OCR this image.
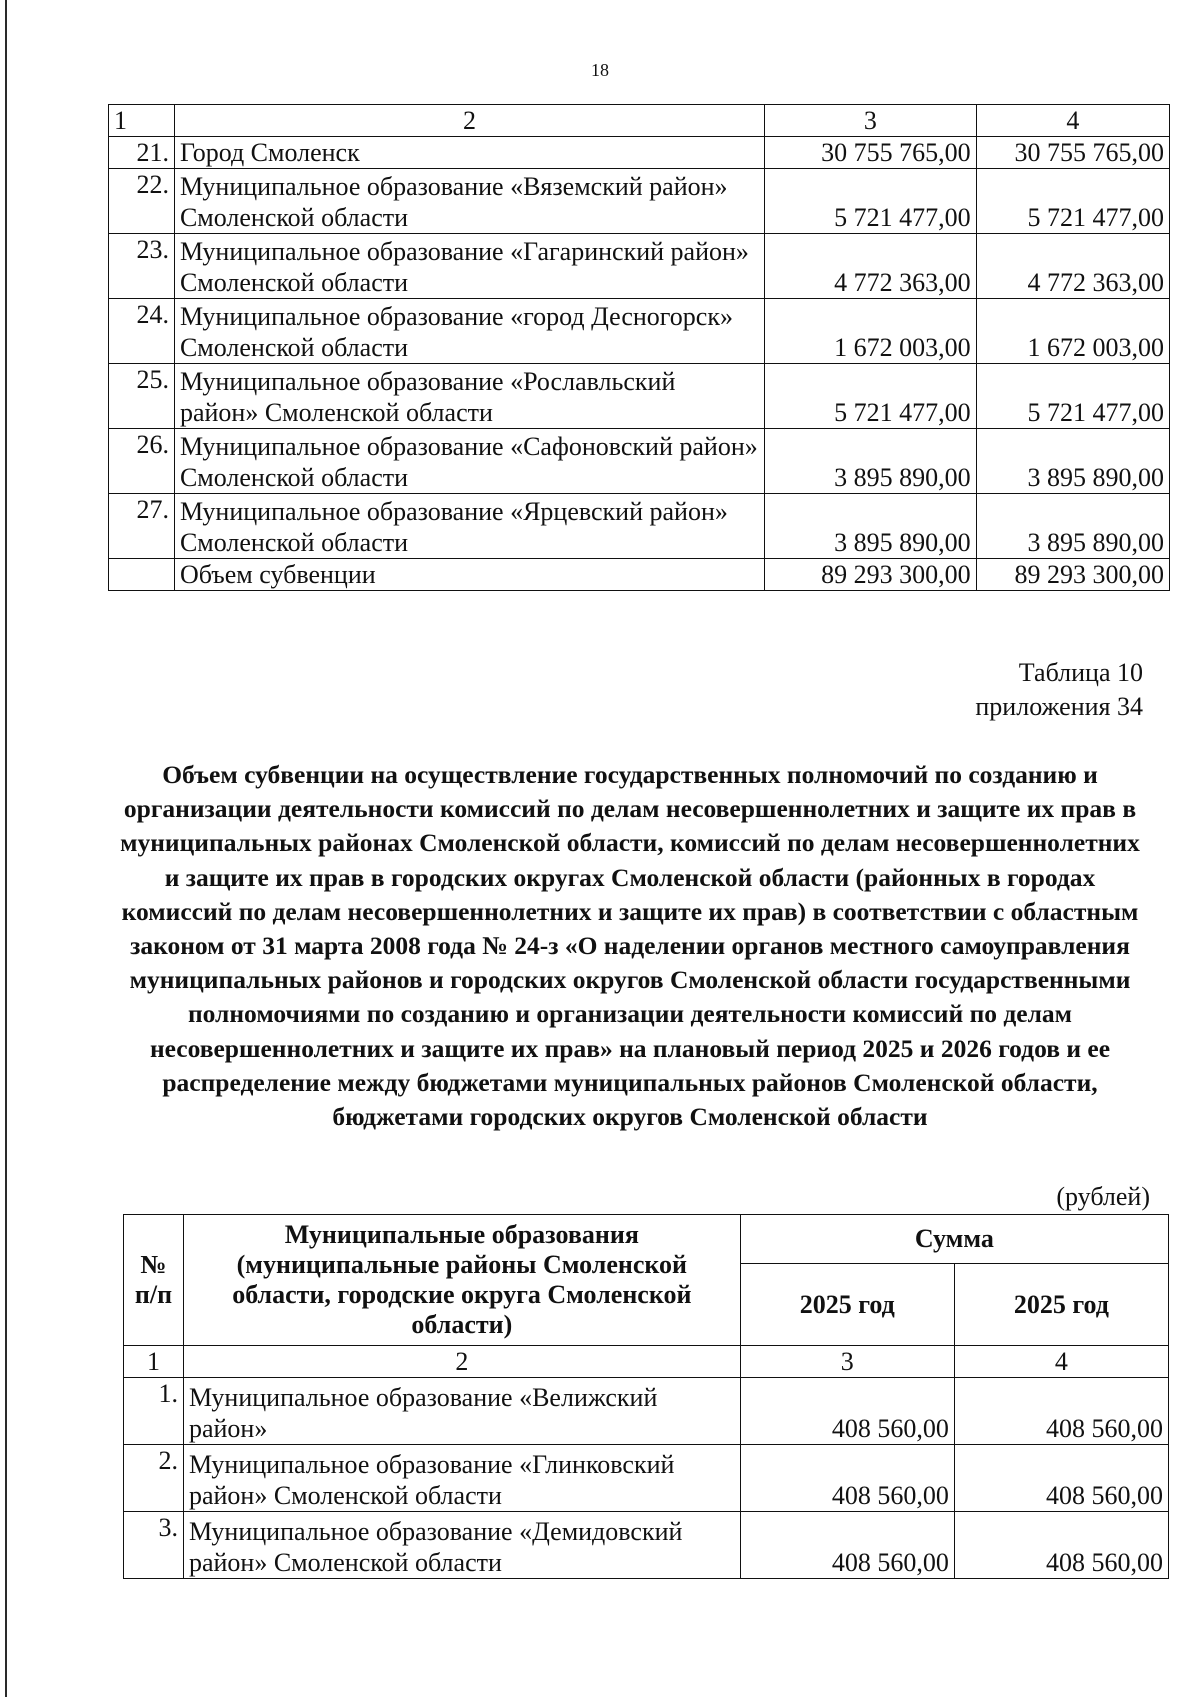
18
1	2	3	4
21.	Город Смоленск	30 755 765,00	30 755 765,00
22.	Муниципальное образование «Вяземский район» Смоленской области	5 721 477,00	5 721 477,00
23.	Муниципальное образование «Гагаринский район» Смоленской области	4 772 363,00	4 772 363,00
24.	Муниципальное образование «город Десногорск» Смоленской области	1 672 003,00	1 672 003,00
25.	Муниципальное образование «Рославльский район» Смоленской области	5 721 477,00	5 721 477,00
26.	Муниципальное образование «Сафоновский район» Смоленской области	3 895 890,00	3 895 890,00
27.	Муниципальное образование «Ярцевский район» Смоленской области	3 895 890,00	3 895 890,00
	Объем субвенции	89 293 300,00	89 293 300,00
Таблица 10
приложения 34
Объем субвенции на осуществление государственных полномочий по созданию и организации деятельности комиссий по делам несовершеннолетних и защите их прав в муниципальных районах Смоленской области, комиссий по делам несовершеннолетних и защите их прав в городских округах Смоленской области (районных в городах комиссий по делам несовершеннолетних и защите их прав) в соответствии с областным законом от 31 марта 2008 года № 24-з «О наделении органов местного самоуправления муниципальных районов и городских округов Смоленской области государственными полномочиями по созданию и организации деятельности комиссий по делам несовершеннолетних и защите их прав» на плановый период 2025 и 2026 годов и ее распределение между бюджетами муниципальных районов Смоленской области, бюджетами городских округов Смоленской области
(рублей)
№ п/п	Муниципальные образования (муниципальные районы Смоленской области, городские округа Смоленской области)	Сумма	
		2025 год	2025 год
1	2	3	4
1.	Муниципальное образование «Велижский район»	408 560,00	408 560,00
2.	Муниципальное образование «Глинковский район» Смоленской области	408 560,00	408 560,00
3.	Муниципальное образование «Демидовский район» Смоленской области	408 560,00	408 560,00
